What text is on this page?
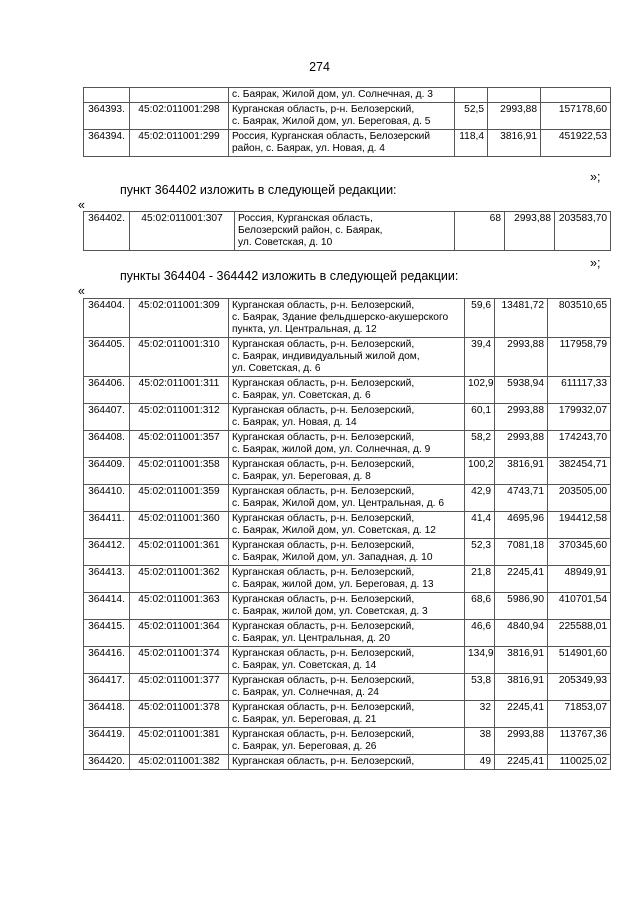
274

		с. Баярак, Жилой дом, ул. Солнечная, д. 3			

364393.	45:02:011001:298	Курганская область, р-н. Белозерский,
с. Баярак, Жилой дом, ул. Береговая, д. 5	52,5	2993,88	157178,60
364394.	45:02:011001:299	Россия, Курганская область, Белозерский
район, с. Баярак, ул. Новая, д. 4	118,4	3816,91	451922,53
»;
пункт 364402 изложить в следующей редакции:
«
364402.	45:02:011001:307	Россия, Курганская область,
Белозерский район, с. Баярак,
ул. Советская, д. 10
	68	2993,88	203583,70
»;
пункты 364404 - 364442 изложить в следующей редакции:
«
364404.	45:02:011001:309	Курганская область, р-н. Белозерский,
с. Баярак, Здание фельдшерско-акушерского
пункта, ул. Центральная, д. 12	59,6	13481,72	803510,65
364405.	45:02:011001:310	Курганская область, р-н. Белозерский,
с. Баярак, индивидуальный жилой дом,
ул. Советская, д. 6	39,4	2993,88	117958,79
364406.	45:02:011001:311	Курганская область, р-н. Белозерский,
с. Баярак, ул. Советская, д. 6	102,9	5938,94	611117,33
364407.	45:02:011001:312	Курганская область, р-н. Белозерский,
с. Баярак, ул. Новая, д. 14	60,1	2993,88	179932,07
364408.	45:02:011001:357	Курганская область, р-н. Белозерский,
с. Баярак, жилой дом, ул. Солнечная, д. 9	58,2	2993,88	174243,70
364409.	45:02:011001:358	Курганская область, р-н. Белозерский,
с. Баярак, ул. Береговая, д. 8	100,2	3816,91	382454,71
364410.	45:02:011001:359	Курганская область, р-н. Белозерский,
с. Баярак, Жилой дом, ул. Центральная, д. 6	42,9	4743,71	203505,00
364411.	45:02:011001:360	Курганская область, р-н. Белозерский,
с. Баярак, Жилой дом, ул. Советская, д. 12	41,4	4695,96	194412,58
364412.	45:02:011001:361	Курганская область, р-н. Белозерский,
с. Баярак, Жилой дом, ул. Западная, д. 10	52,3	7081,18	370345,60
364413.	45:02:011001:362	Курганская область, р-н. Белозерский,
с. Баярак, жилой дом, ул. Береговая, д. 13	21,8	2245,41	48949,91
364414.	45:02:011001:363	Курганская область, р-н. Белозерский,
с. Баярак, жилой дом, ул. Советская, д. 3	68,6	5986,90	410701,54
364415.	45:02:011001:364	Курганская область, р-н. Белозерский,
с. Баярак, ул. Центральная, д. 20	46,6	4840,94	225588,01
364416.	45:02:011001:374	Курганская область, р-н. Белозерский,
с. Баярак, ул. Советская, д. 14	134,9	3816,91	514901,60
364417.	45:02:011001:377	Курганская область, р-н. Белозерский,
с. Баярак, ул. Солнечная, д. 24	53,8	3816,91	205349,93
364418.	45:02:011001:378	Курганская область, р-н. Белозерский,
с. Баярак, ул. Береговая, д. 21	32	2245,41	71853,07
364419.	45:02:011001:381	Курганская область, р-н. Белозерский,
с. Баярак, ул. Береговая, д. 26	38	2993,88	113767,36
364420.	45:02:011001:382	Курганская область, р-н. Белозерский,	49	2245,41	110025,02
